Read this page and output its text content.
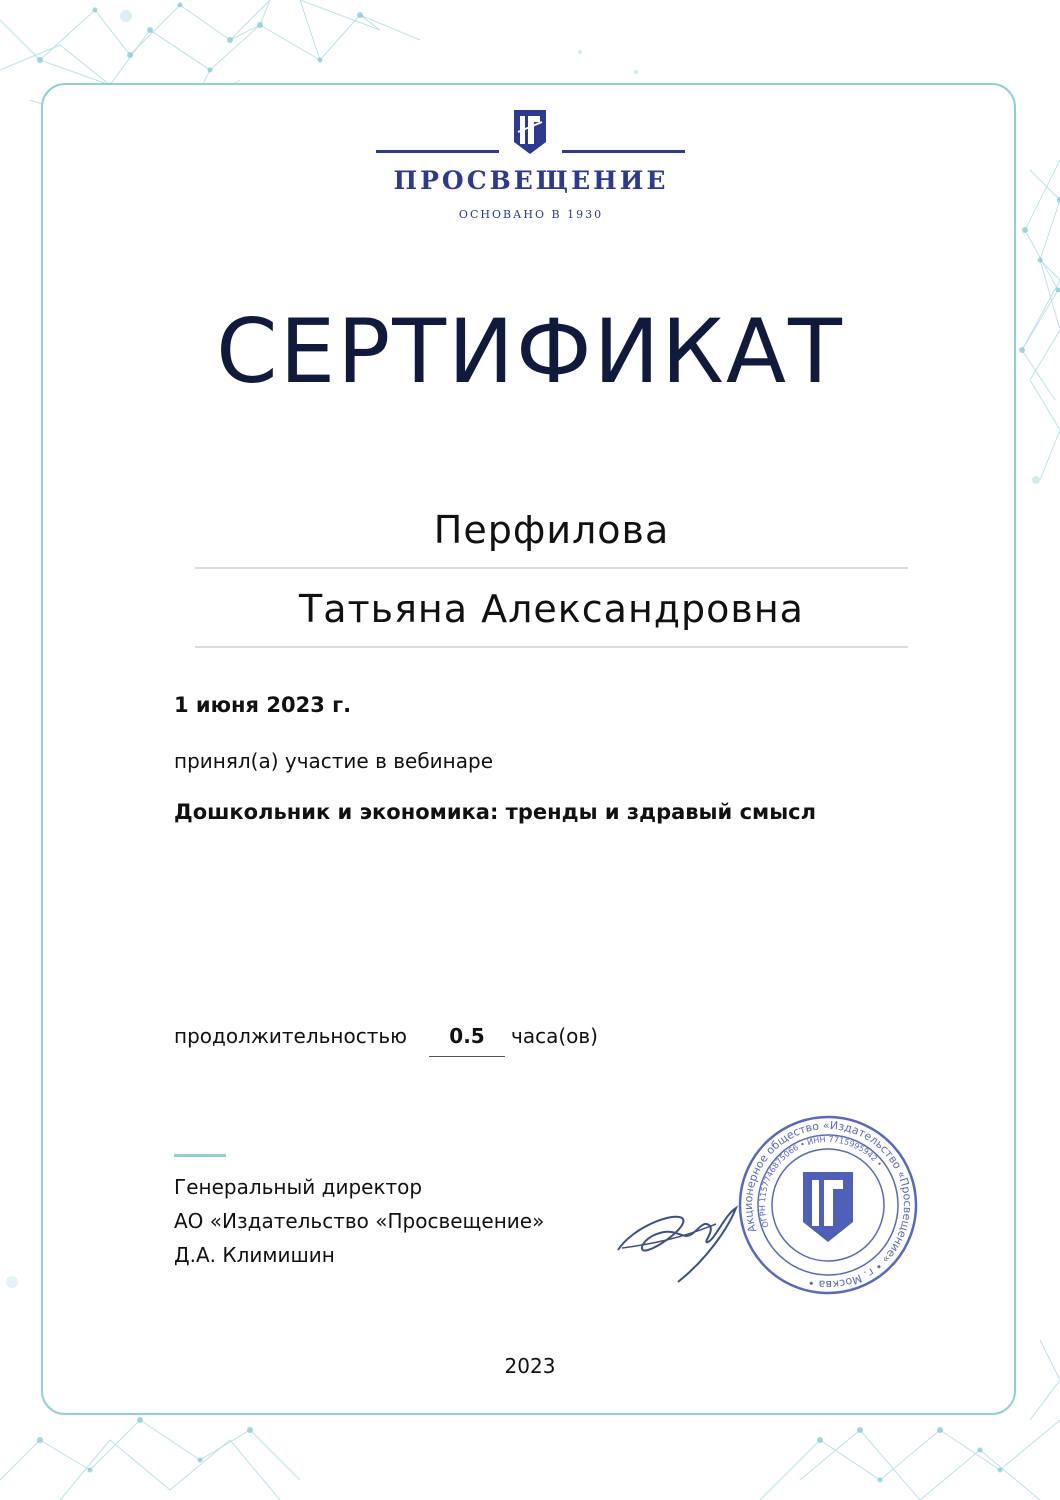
ПРОСВЕЩЕНИЕ
ОСНОВАНО В 1930
СЕРТИФИКАТ
Перфилова
Татьяна Александровна
1 июня 2023 г.
принял(а) участие в вебинаре
Дошкольник и экономика: тренды и здравый смысл
продолжительностью	0.5	часа(ов)
Генеральный директор
АО «Издательство «Просвещение»
Д.А. Климишин
Акционерное общество «Издательство «Просвещение» • г. Москва •
ОГРН 1157746875066 • ИНН 7715995942 •
2023
